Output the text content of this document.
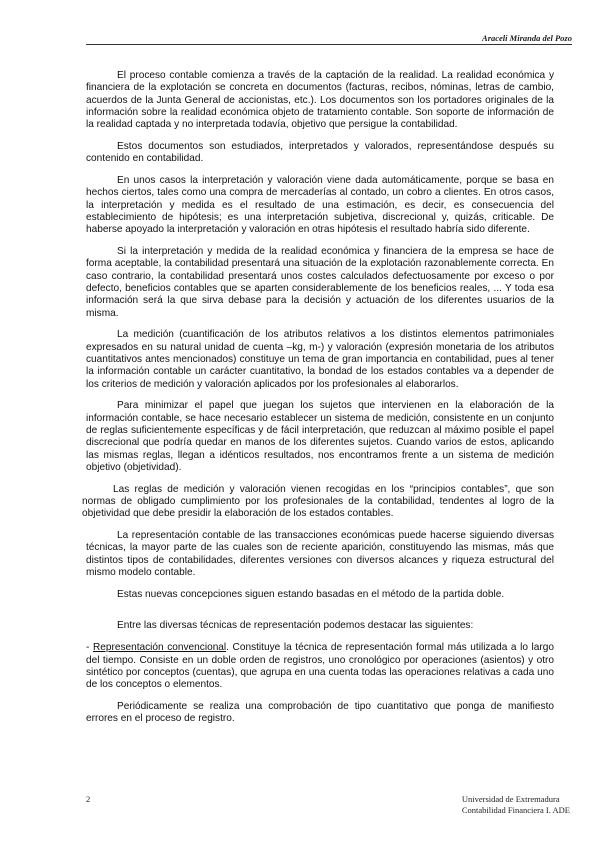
Araceli Miranda del Pozo

El proceso contable comienza a través de la captación de la realidad. La realidad económica y financiera de la explotación se concreta en documentos (facturas, recibos, nóminas, letras de cambio, acuerdos de la Junta General de accionistas, etc.). Los documentos son los portadores originales de la información sobre la realidad económica objeto de tratamiento contable. Son soporte de información de la realidad captada y no interpretada todavía, objetivo que persigue la contabilidad.

Estos documentos son estudiados, interpretados y valorados, representándose después su contenido en contabilidad.

En unos casos la interpretación y valoración viene dada automáticamente, porque se basa en hechos ciertos, tales como una compra de mercaderías al contado, un cobro a clientes. En otros casos, la interpretación y medida es el resultado de una estimación, es decir, es consecuencia del establecimiento de hipótesis; es una interpretación subjetiva, discrecional y, quizás, criticable. De haberse apoyado la interpretación y valoración en otras hipótesis el resultado habría sido diferente.

Si la interpretación y medida de la realidad económica y financiera de la empresa se hace de forma aceptable, la contabilidad presentará una situación de la explotación razonablemente correcta. En caso contrario, la contabilidad presentará unos costes calculados defectuosamente por exceso o por defecto, beneficios contables que se aparten considerablemente de los beneficios reales, ... Y toda esa información será la que sirva debase para la decisión y actuación de los diferentes usuarios de la misma.

La medición (cuantificación de los atributos relativos a los distintos elementos patrimoniales expresados en su natural unidad de cuenta –kg, m-) y valoración (expresión monetaria de los atributos cuantitativos antes mencionados) constituye un tema de gran importancia en contabilidad, pues al tener la información contable un carácter cuantitativo, la bondad de los estados contables va a depender de los criterios de medición y valoración aplicados por los profesionales al elaborarlos.

Para minimizar el papel que juegan los sujetos que intervienen en la elaboración de la información contable, se hace necesario establecer un sistema de medición, consistente en un conjunto de reglas suficientemente específicas y de fácil interpretación, que reduzcan al máximo posible el papel discrecional que podría quedar en manos de los diferentes sujetos. Cuando varios de estos, aplicando las mismas reglas, llegan a idénticos resultados, nos encontramos frente a un sistema de medición objetivo (objetividad).

Las reglas de medición y valoración vienen recogidas en los “principios contables”, que son normas de obligado cumplimiento por los profesionales de la contabilidad, tendentes al logro de la objetividad que debe presidir la elaboración de los estados contables.

La representación contable de las transacciones económicas puede hacerse siguiendo diversas técnicas, la mayor parte de las cuales son de reciente aparición, constituyendo las mismas, más que distintos tipos de contabilidades, diferentes versiones con diversos alcances y riqueza estructural del mismo modelo contable.

Estas nuevas concepciones siguen estando basadas en el método de la partida doble.

Entre las diversas técnicas de representación podemos destacar las siguientes:

- Representación convencional. Constituye la técnica de representación formal más utilizada a lo largo del tiempo. Consiste en un doble orden de registros, uno cronológico por operaciones (asientos) y otro sintético por conceptos (cuentas), que agrupa en una cuenta todas las operaciones relativas a cada uno de los conceptos o elementos.

Periódicamente se realiza una comprobación de tipo cuantitativo que ponga de manifiesto errores en el proceso de registro.

2	Universidad de Extremadura
Contabilidad Financiera I. ADE
